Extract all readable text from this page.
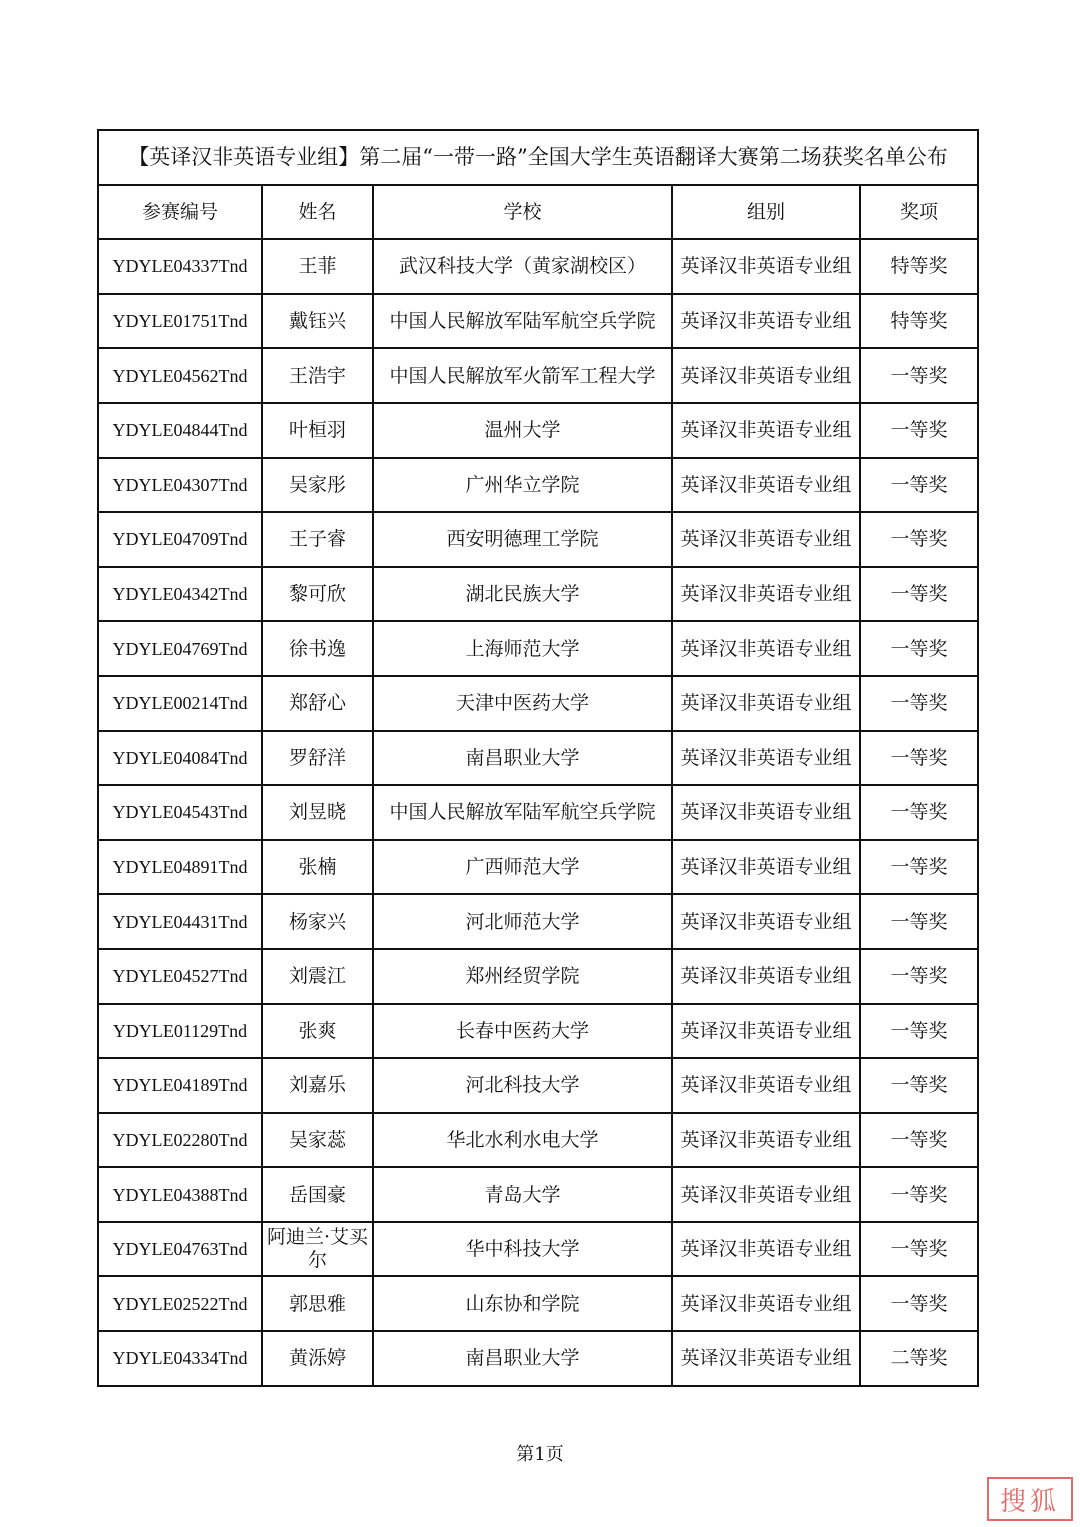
【英译汉非英语专业组】第二届“一带一路”全国大学生英语翻译大赛第二场获奖名单公布				
参赛编号	姓名	学校	组别	奖项
YDYLE04337Tnd	王菲	武汉科技大学（黄家湖校区）	英译汉非英语专业组	特等奖
YDYLE01751Tnd	戴钰兴	中国人民解放军陆军航空兵学院	英译汉非英语专业组	特等奖
YDYLE04562Tnd	王浩宇	中国人民解放军火箭军工程大学	英译汉非英语专业组	一等奖
YDYLE04844Tnd	叶桓羽	温州大学	英译汉非英语专业组	一等奖
YDYLE04307Tnd	吴家彤	广州华立学院	英译汉非英语专业组	一等奖
YDYLE04709Tnd	王子睿	西安明德理工学院	英译汉非英语专业组	一等奖
YDYLE04342Tnd	黎可欣	湖北民族大学	英译汉非英语专业组	一等奖
YDYLE04769Tnd	徐书逸	上海师范大学	英译汉非英语专业组	一等奖
YDYLE00214Tnd	郑舒心	天津中医药大学	英译汉非英语专业组	一等奖
YDYLE04084Tnd	罗舒洋	南昌职业大学	英译汉非英语专业组	一等奖
YDYLE04543Tnd	刘昱晓	中国人民解放军陆军航空兵学院	英译汉非英语专业组	一等奖
YDYLE04891Tnd	张楠	广西师范大学	英译汉非英语专业组	一等奖
YDYLE04431Tnd	杨家兴	河北师范大学	英译汉非英语专业组	一等奖
YDYLE04527Tnd	刘震江	郑州经贸学院	英译汉非英语专业组	一等奖
YDYLE01129Tnd	张爽	长春中医药大学	英译汉非英语专业组	一等奖
YDYLE04189Tnd	刘嘉乐	河北科技大学	英译汉非英语专业组	一等奖
YDYLE02280Tnd	吴家蕊	华北水利水电大学	英译汉非英语专业组	一等奖
YDYLE04388Tnd	岳国豪	青岛大学	英译汉非英语专业组	一等奖
YDYLE04763Tnd	阿迪兰·艾买尔	华中科技大学	英译汉非英语专业组	一等奖
YDYLE02522Tnd	郭思雅	山东协和学院	英译汉非英语专业组	一等奖
YDYLE04334Tnd	黄泺婷	南昌职业大学	英译汉非英语专业组	二等奖
第1页
搜狐
